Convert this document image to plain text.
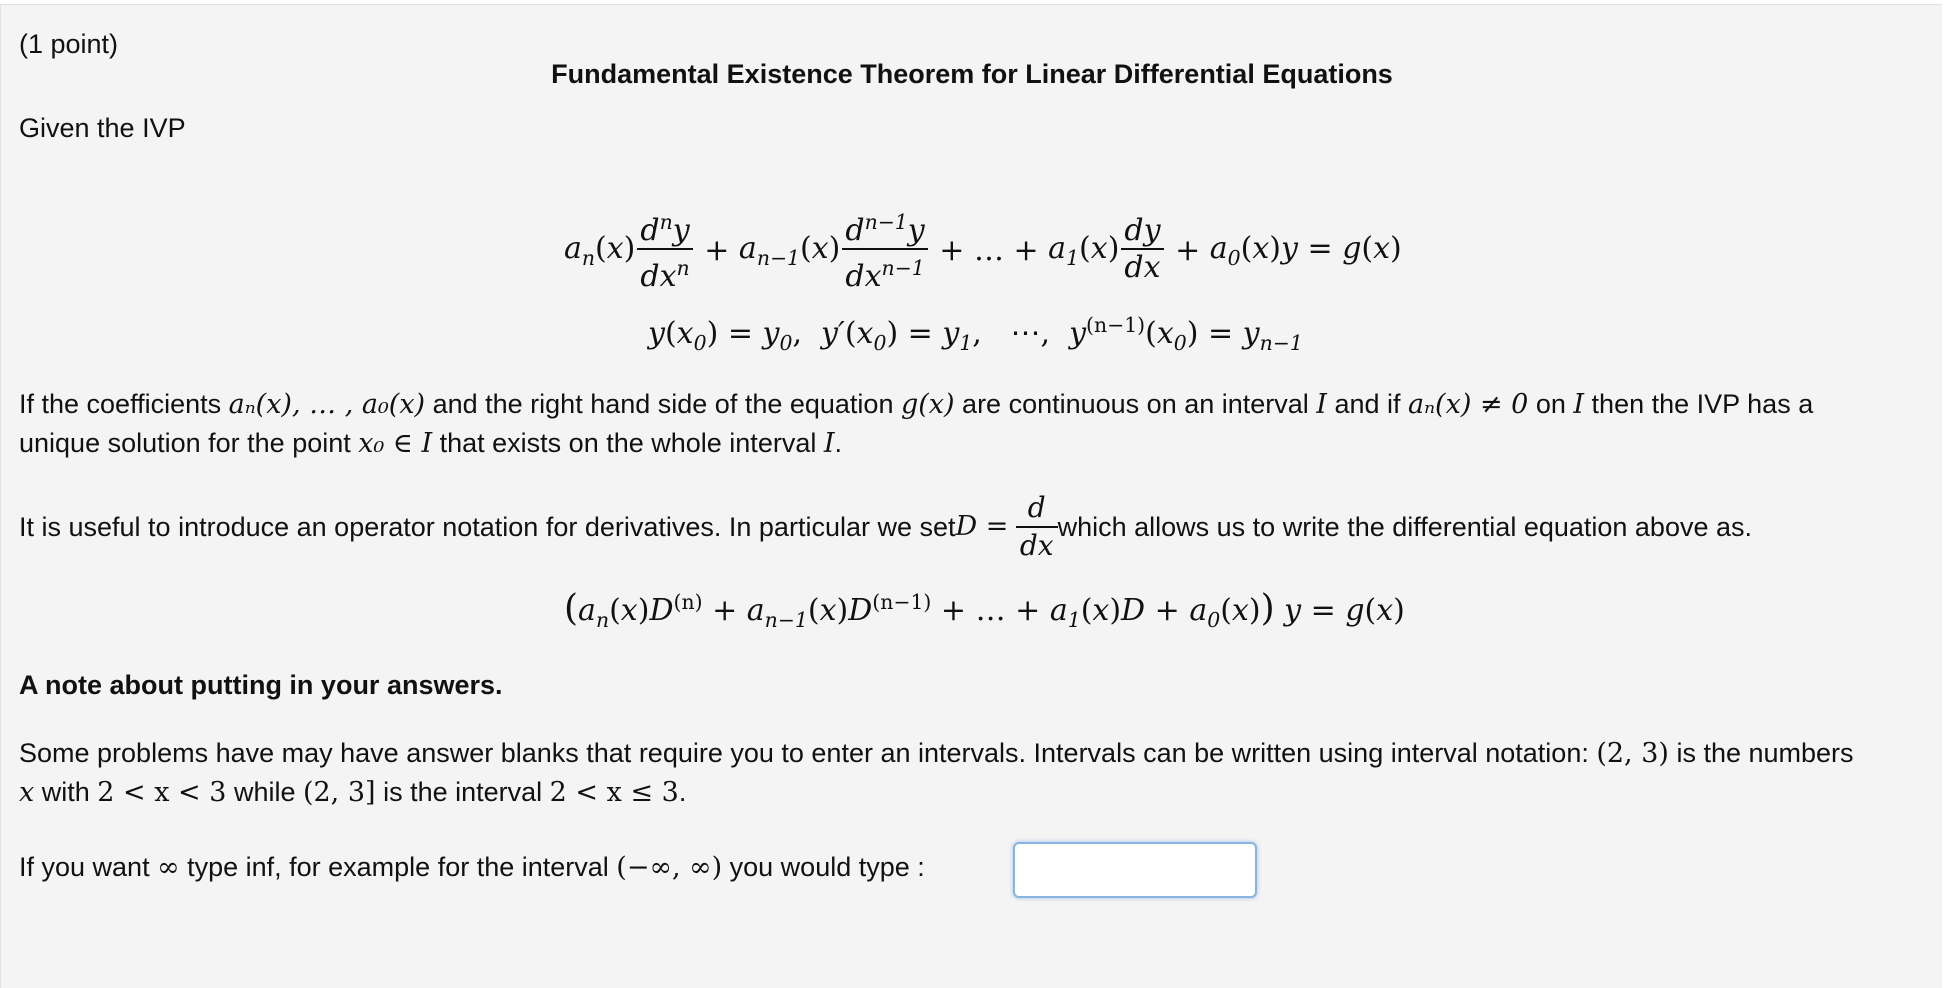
(1 point)
Fundamental Existence Theorem for Linear Differential Equations
Given the IVP
$a_n(x) \frac{d^ny}{dx^n} + a_{n-1}(x) \frac{d^{n-1}y}{dx^{n-1}}$ + … + $a_1(x) \frac{dy}{dx} + a_0(x)y = g(x)$
$y(x_0) = y_0$,  $y'(x_0) = y_1$,   ⋯,  $y^{(n-1)}(x_0) = y_{n-1}$
If the coefficients aₙ(x), … , a₀(x) and the right hand side of the equation g(x) are continuous on an interval I and if aₙ(x) ≠ 0 on I then the IVP has a
unique solution for the point x₀ ∈ I that exists on the whole interval I.
It is useful to introduce an operator notation for derivatives. In particular we set D =
$\frac{d}{dx}$ which allows us to write the differential equation above as.
($a_n(x)D^{(n)} + a_{n-1}(x)D^{(n-1)}$ + … + $a_1(x)D + a_0(x)$) y = g(x)
A note about putting in your answers.
Some problems have may have answer blanks that require you to enter an intervals. Intervals can be written using interval notation: (2, 3) is the numbers
x with 2 < x < 3 while (2, 3] is the interval 2 < x ≤ 3.
If you want ∞ type inf, for example for the interval (−∞, ∞) you would type :
